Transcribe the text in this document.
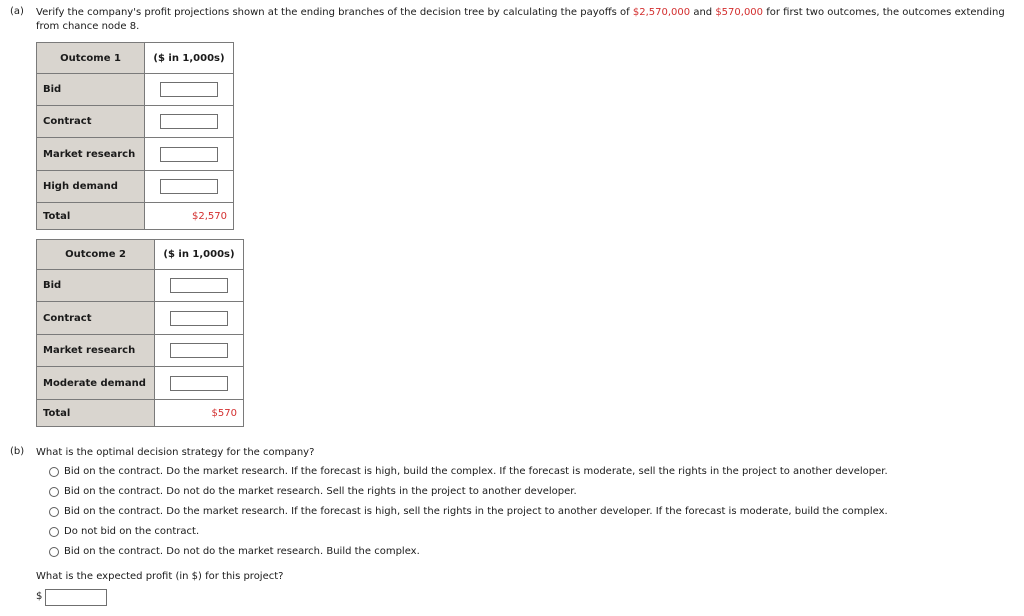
(a) Verify the company's profit projections shown at the ending branches of the decision tree by calculating the payoffs of $2,570,000 and $570,000 for first two outcomes, the outcomes extending from chance node 8.
Outcome 1	($ in 1,000s)
Bid	

Contract	

Market research	

High demand	

Total	$2,570
Outcome 2	($ in 1,000s)
Bid	

Contract	

Market research	

Moderate demand	

Total	$570
(b) What is the optimal decision strategy for the company?
Bid on the contract. Do the market research. If the forecast is high, build the complex. If the forecast is moderate, sell the rights in the project to another developer.
Bid on the contract. Do not do the market research. Sell the rights in the project to another developer.
Bid on the contract. Do the market research. If the forecast is high, sell the rights in the project to another developer. If the forecast is moderate, build the complex.
Do not bid on the contract.
Bid on the contract. Do not do the market research. Build the complex.
What is the expected profit (in $) for this project?
$
